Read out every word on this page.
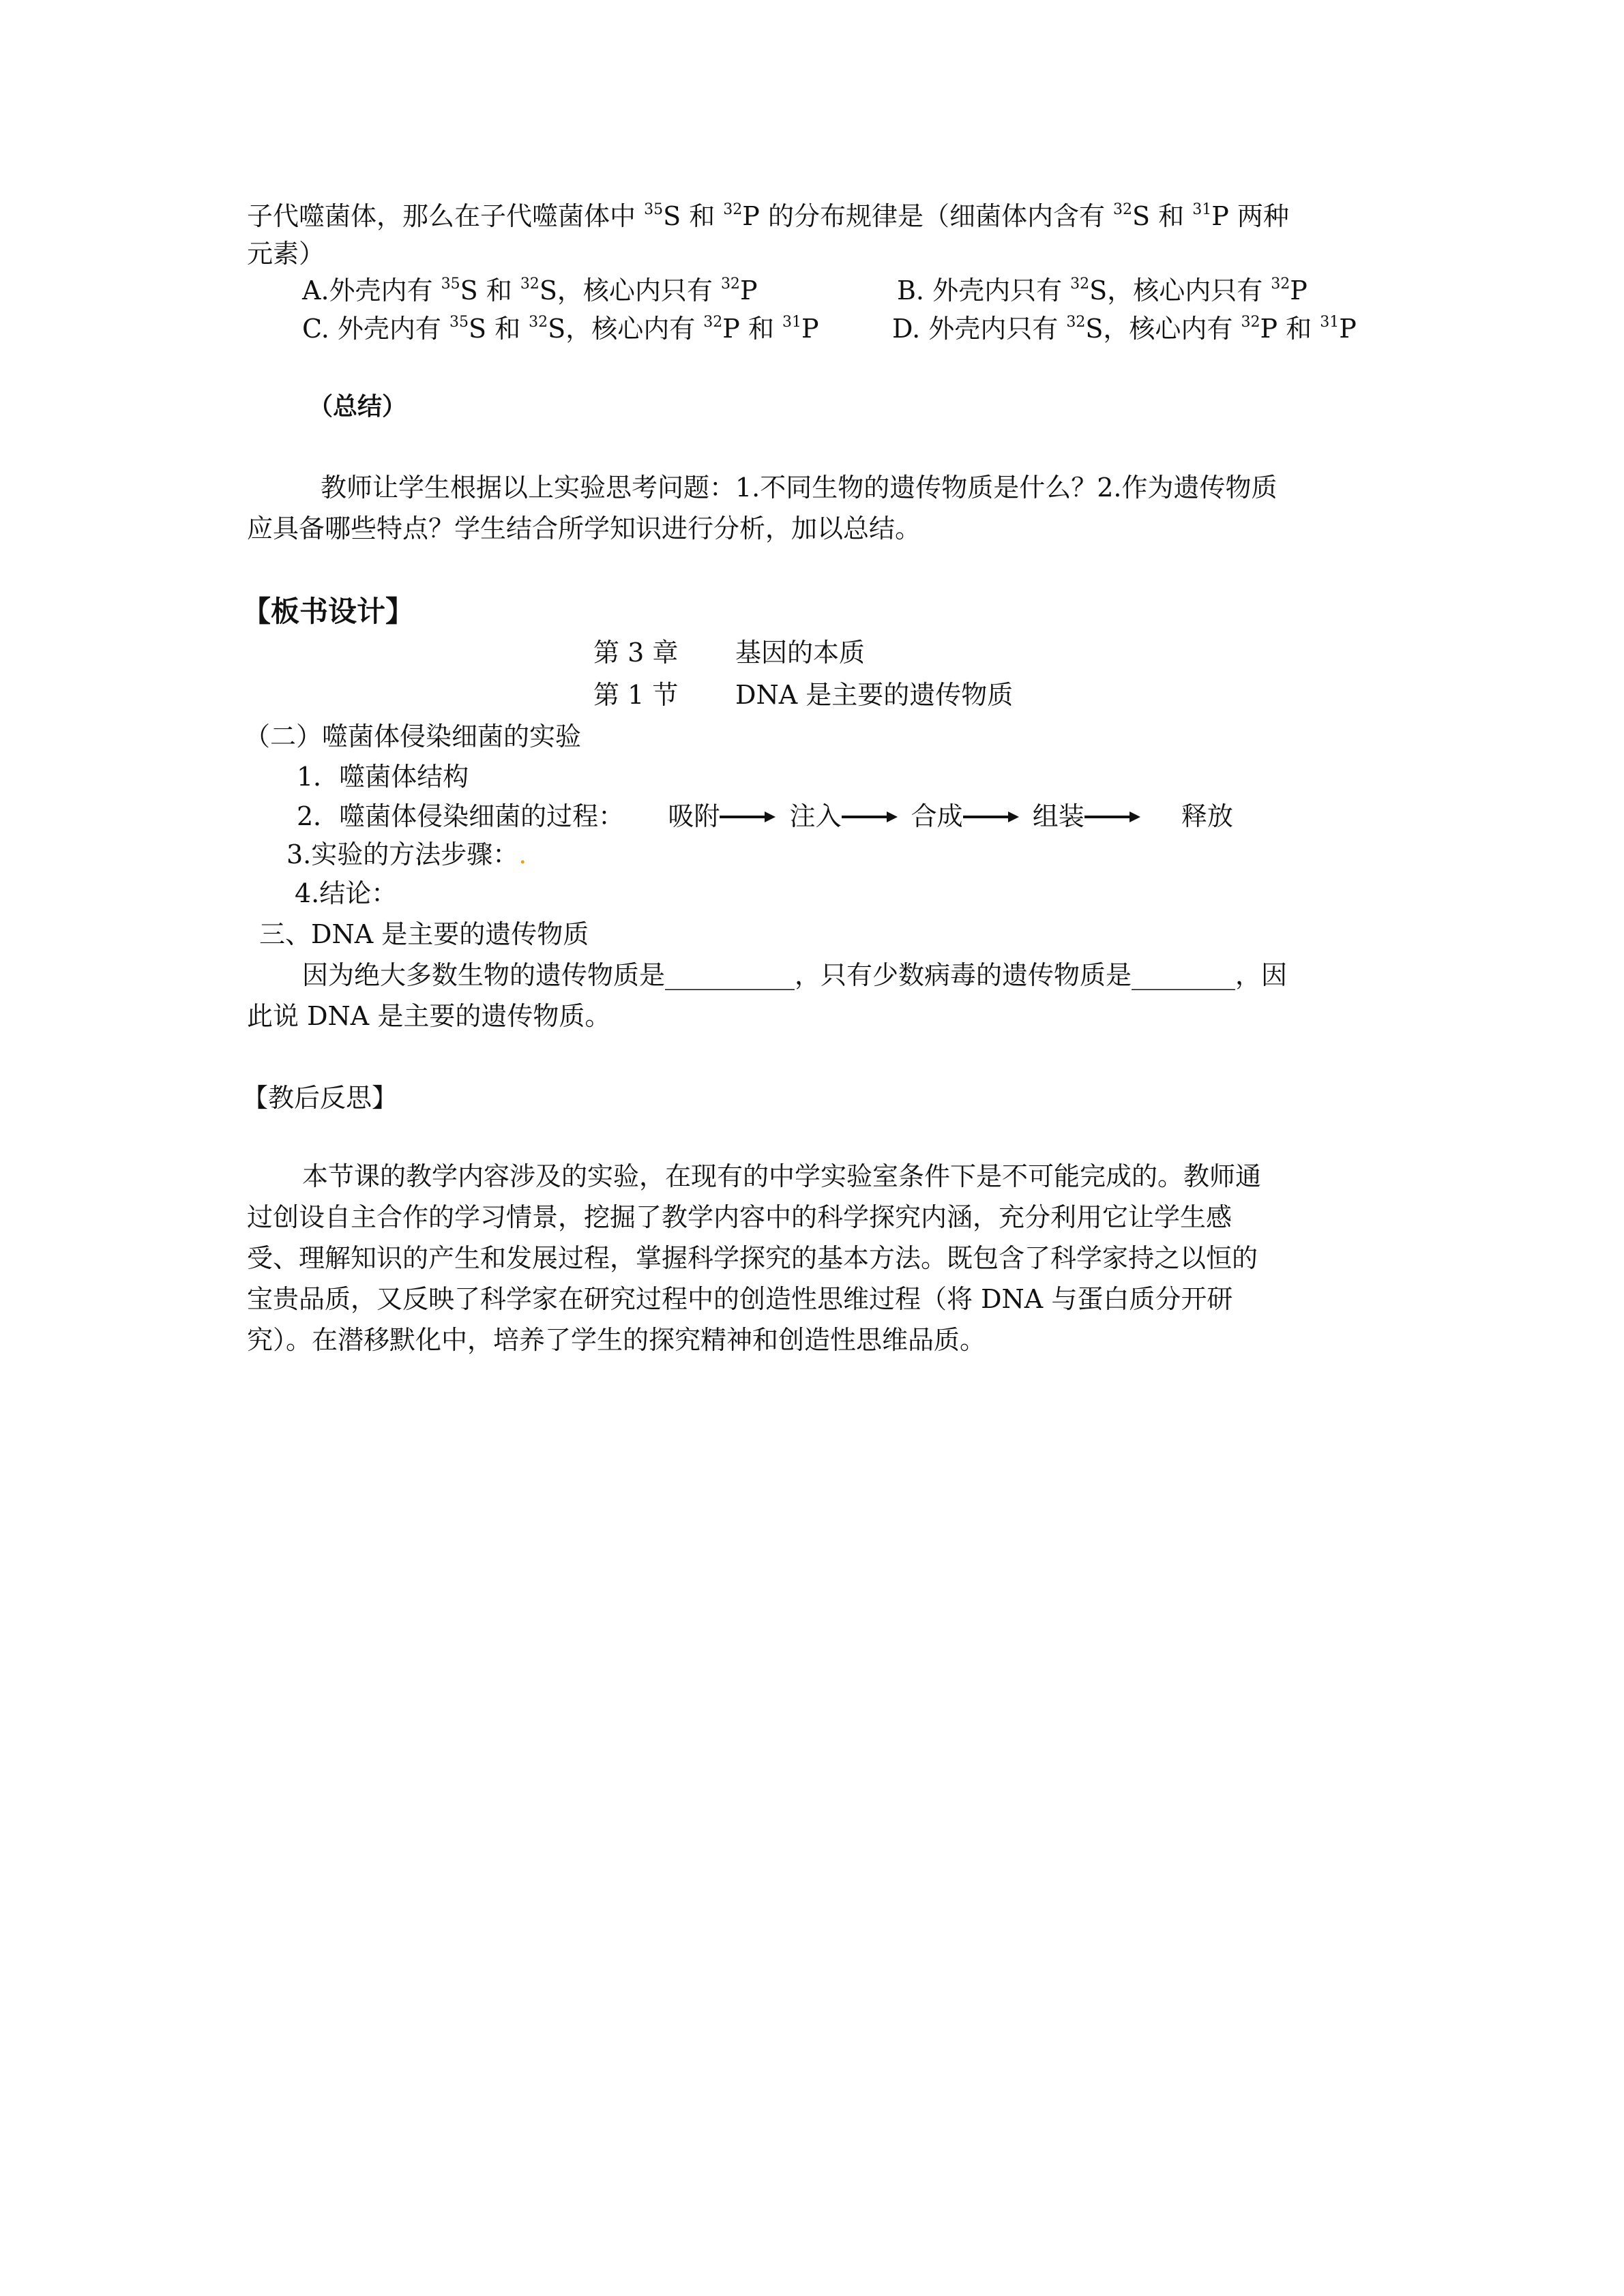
子代噬菌体，那么在子代噬菌体中 $^{35}$S 和 $^{32}$P 的分布规律是（细菌体内含有 $^{32}$S 和 $^{31}$P 两种
元素）
A.外壳内有 $^{35}$S 和 $^{32}$S，核心内只有 $^{32}$P	B. 外壳内只有 $^{32}$S，核心内只有 $^{32}$P
C. 外壳内有 $^{35}$S 和 $^{32}$S，核心内有 $^{32}$P 和 $^{31}$P	D. 外壳内只有 $^{32}$S，核心内有 $^{32}$P 和 $^{31}$P
（总结）
教师让学生根据以上实验思考问题：1.不同生物的遗传物质是什么？2.作为遗传物质
应具备哪些特点？学生结合所学知识进行分析，加以总结。
【板书设计】
第 3 章 基因的本质
第 1 节 DNA 是主要的遗传物质
（二）噬菌体侵染细菌的实验
1．噬菌体结构
2．噬菌体侵染细菌的过程： 吸附	注入	合成	组装	释放
3.实验的方法步骤：.
4.结论：
三、DNA 是主要的遗传物质
因为绝大多数生物的遗传物质是__________，只有少数病毒的遗传物质是________，因
此说 DNA 是主要的遗传物质。
【教后反思】
本节课的教学内容涉及的实验，在现有的中学实验室条件下是不可能完成的。教师通
过创设自主合作的学习情景，挖掘了教学内容中的科学探究内涵，充分利用它让学生感
受、理解知识的产生和发展过程，掌握科学探究的基本方法。既包含了科学家持之以恒的
宝贵品质，又反映了科学家在研究过程中的创造性思维过程（将 DNA 与蛋白质分开研
究）。在潜移默化中，培养了学生的探究精神和创造性思维品质。
